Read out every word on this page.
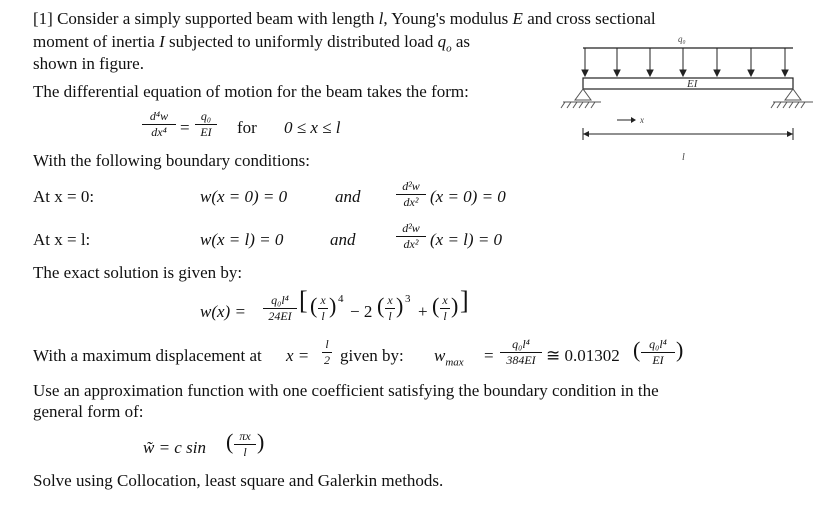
[1] Consider a simply supported beam with length l, Young's modulus E and cross sectional
moment of inertia I subjected to uniformly distributed load $q_o$ as
shown in figure.
The differential equation of motion for the beam takes the form:
d⁴w
dx⁴ =
q₀
EI	for 0 ≤ x ≤ l
With the following boundary conditions:
At x = 0:	w(x = 0) = 0	and
d²w
dx² (x = 0) = 0
At x = l:	w(x = l) = 0	and
d²w
dx² (x = l) = 0
The exact solution is given by:
w(x) =
q₀l⁴
24EI
[ ( x
l ) 4
− 2 ( x
l ) 3
+ ( x
l ) ]
With a maximum displacement at x =
l
2 given by: $w_{max}$ =
q₀l⁴
384EI ≅ 0.01302 ( q₀l⁴
EI )
Use an approximation function with one coefficient satisfying the boundary condition in the
general form of:
w̃ = c sin ( πx
l )
Solve using Collocation, least square and Galerkin methods.
q₀
EI
x
l
